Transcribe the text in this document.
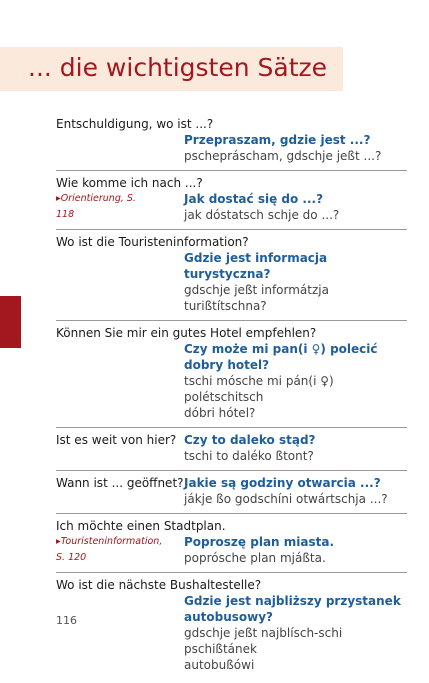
... die wichtigsten Sätze
Entschuldigung, wo ist ...?
Przepraszam, gdzie jest ...?
pschepráscham, gdschje jeßt ...?
Wie komme ich nach ...?
▸Orientierung, S. 118
Jak dostać się do ...?
jak dóstatsch schje do ...?
Wo ist die Touristeninformation?
Gdzie jest informacja turystyczna?
gdschje jeßt informátzja turißtítschna?
Können Sie mir ein gutes Hotel empfehlen?
Czy może mi pan(i ♀) polecić
dobry hotel?
tschi mósche mi pán(i ♀) polétschitsch
dóbri hótel?
Ist es weit von hier? Czy to daleko stąd?
tschi to daléko ßtont?
Wann ist ... geöffnet? Jakie są godziny otwarcia ...?
jákje ßo godschíni otwártschja ...?
Ich möchte einen Stadtplan.
▸Touristeninformation, S. 120
Poproszę plan miasta.
poprósche plan mjáßta.
Wo ist die nächste Bushaltestelle?
Gdzie jest najbliższy przystanek
autobusowy?
gdschje jeßt najblísch-schi pschißtánek
autobußówi
116
